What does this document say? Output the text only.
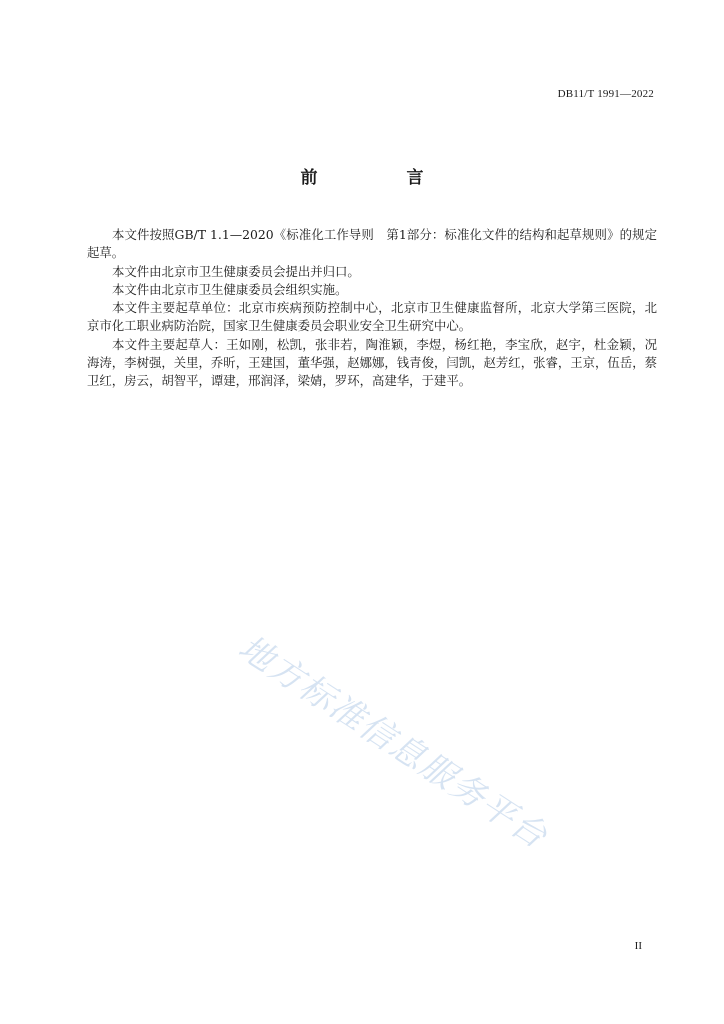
DB11/T 1991—2022
前　言

本文件按照GB/T 1.1—2020《标准化工作导则　第1部分：标准化文件的结构和起草规则》的规定起草。

本文件由北京市卫生健康委员会提出并归口。

本文件由北京市卫生健康委员会组织实施。

本文件主要起草单位：北京市疾病预防控制中心，北京市卫生健康监督所，北京大学第三医院，北京市化工职业病防治院，国家卫生健康委员会职业安全卫生研究中心。

本文件主要起草人：王如刚，松凯，张非若，陶淮颖，李煜，杨红艳，李宝欣，赵宇，杜金颖，况海涛，李树强，关里，乔昕，王建国，董华强，赵娜娜，钱青俊，闫凯，赵芳红，张睿，王京，伍岳，蔡卫红，房云，胡智平，谭建，邢润泽，梁婧，罗环，高建华，于建平。

地方标准信息服务平台
II
